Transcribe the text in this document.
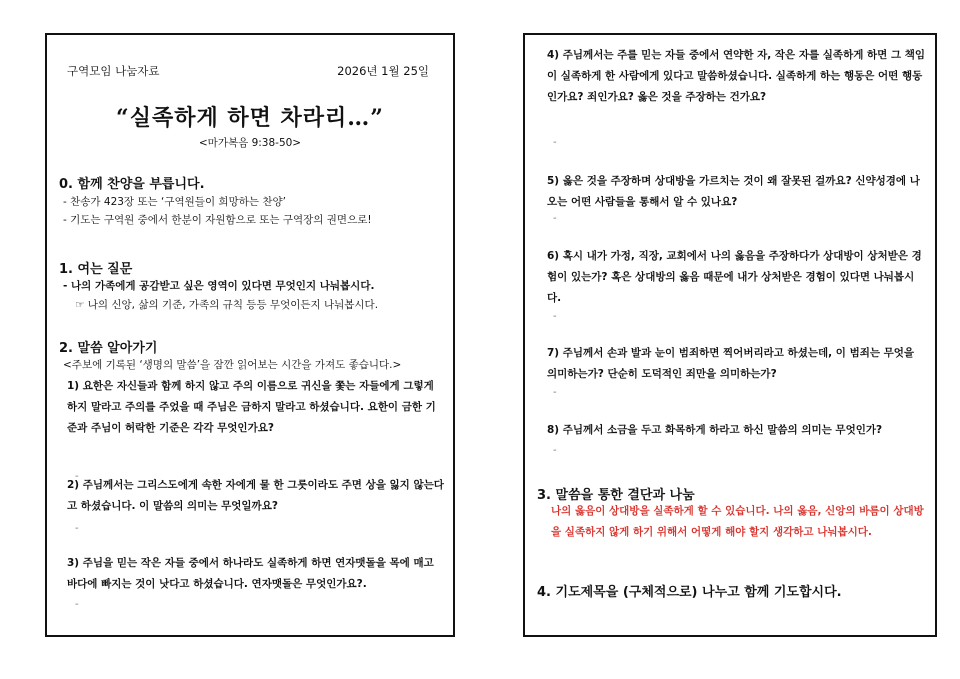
구역모임 나눔자료	2026년 1월 25일
“실족하게 하면 차라리…”
<마가복음 9:38-50>
0. 함께 찬양을 부릅니다.
- 찬송가 423장 또는 ‘구역원들이 희망하는 찬양’
- 기도는 구역원 중에서 한분이 자원함으로 또는 구역장의 권면으로!
1. 여는 질문
- 나의 가족에게 공감받고 싶은 영역이 있다면 무엇인지 나눠봅시다.
☞ 나의 신앙, 삶의 기준, 가족의 규칙 등등 무엇이든지 나눠봅시다.
2. 말씀 알아가기
<주보에 기록된 ‘생명의 말씀’을 잠깐 읽어보는 시간을 가져도 좋습니다.>
1) 요한은 자신들과 함께 하지 않고 주의 이름으로 귀신을 쫓는 자들에게 그렇게 하지 말라고 주의를 주었을 때 주님은 금하지 말라고 하셨습니다. 요한이 금한 기준과 주님이 허락한 기준은 각각 무엇인가요?
-
2) 주님께서는 그리스도에게 속한 자에게 물 한 그릇이라도 주면 상을 잃지 않는다고 하셨습니다. 이 말씀의 의미는 무엇일까요?
-
3) 주님을 믿는 작은 자들 중에서 하나라도 실족하게 하면 연자맷돌을 목에 매고 바다에 빠지는 것이 낫다고 하셨습니다. 연자맷돌은 무엇인가요?.
-
4) 주님께서는 주를 믿는 자들 중에서 연약한 자, 작은 자를 실족하게 하면 그 책임이 실족하게 한 사람에게 있다고 말씀하셨습니다. 실족하게 하는 행동은 어떤 행동인가요? 죄인가요? 옳은 것을 주장하는 건가요?
-
5) 옳은 것을 주장하며 상대방을 가르치는 것이 왜 잘못된 걸까요? 신약성경에 나오는 어떤 사람들을 통해서 알 수 있나요?
-
6) 혹시 내가 가정, 직장, 교회에서 나의 옳음을 주장하다가 상대방이 상처받은 경험이 있는가? 혹은 상대방의 옳음 때문에 내가 상처받은 경험이 있다면 나눠봅시다.
-
7) 주님께서 손과 발과 눈이 범죄하면 찍어버리라고 하셨는데, 이 범죄는 무엇을 의미하는가? 단순히 도덕적인 죄만을 의미하는가?
-
8) 주님께서 소금을 두고 화목하게 하라고 하신 말씀의 의미는 무엇인가?
-
3. 말씀을 통한 결단과 나눔
나의 옳음이 상대방을 실족하게 할 수 있습니다. 나의 옳음, 신앙의 바름이 상대방을 실족하지 않게 하기 위해서 어떻게 해야 할지 생각하고 나눠봅시다.
4. 기도제목을 (구체적으로) 나누고 함께 기도합시다.
